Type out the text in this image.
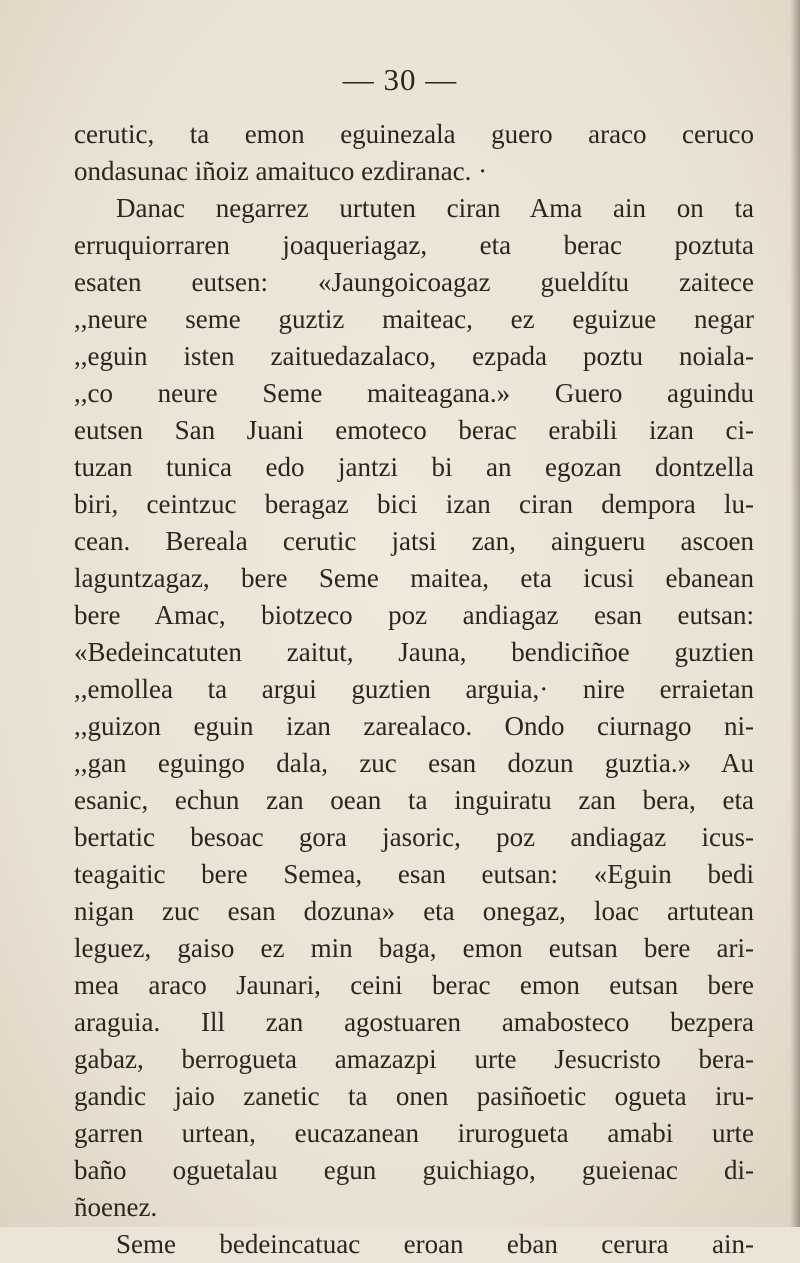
— 30 —
cerutic, ta emon eguinezala guero araco ceruco
ondasunac iñoiz amaituco ezdiranac. ·
Danac negarrez urtuten ciran Ama ain on ta
erruquiorraren joaqueriagaz, eta berac poztuta
esaten eutsen: «Jaungoicoagaz gueldítu zaitece
,,neure seme guztiz maiteac, ez eguizue negar
,,eguin isten zaituedazalaco, ezpada poztu noiala-
,,co neure Seme maiteagana.» Guero aguindu
eutsen San Juani emoteco berac erabili izan ci-
tuzan tunica edo jantzi bi an egozan dontzella
biri, ceintzuc beragaz bici izan ciran dempora lu-
cean. Bereala cerutic jatsi zan, aingueru ascoen
laguntzagaz, bere Seme maitea, eta icusi ebanean
bere Amac, biotzeco poz andiagaz esan eutsan:
«Bedeincatuten zaitut, Jauna, bendiciñoe guztien
,,emollea ta argui guztien arguia,· nire erraietan
,,guizon eguin izan zarealaco. Ondo ciurnago ni-
,,gan eguingo dala, zuc esan dozun guztia.» Au
esanic, echun zan oean ta inguiratu zan bera, eta
bertatic besoac gora jasoric, poz andiagaz icus-
teagaitic bere Semea, esan eutsan: «Eguin bedi
nigan zuc esan dozuna» eta onegaz, loac artutean
leguez, gaiso ez min baga, emon eutsan bere ari-
mea araco Jaunari, ceini berac emon eutsan bere
araguia. Ill zan agostuaren amabosteco bezpera
gabaz, berrogueta amazazpi urte Jesucristo bera-
gandic jaio zanetic ta onen pasiñoetic ogueta iru-
garren urtean, eucazanean irurogueta amabi urte
baño oguetalau egun guichiago, gueienac di-
ñoenez.
Seme bedeincatuac eroan eban cerura ain-
